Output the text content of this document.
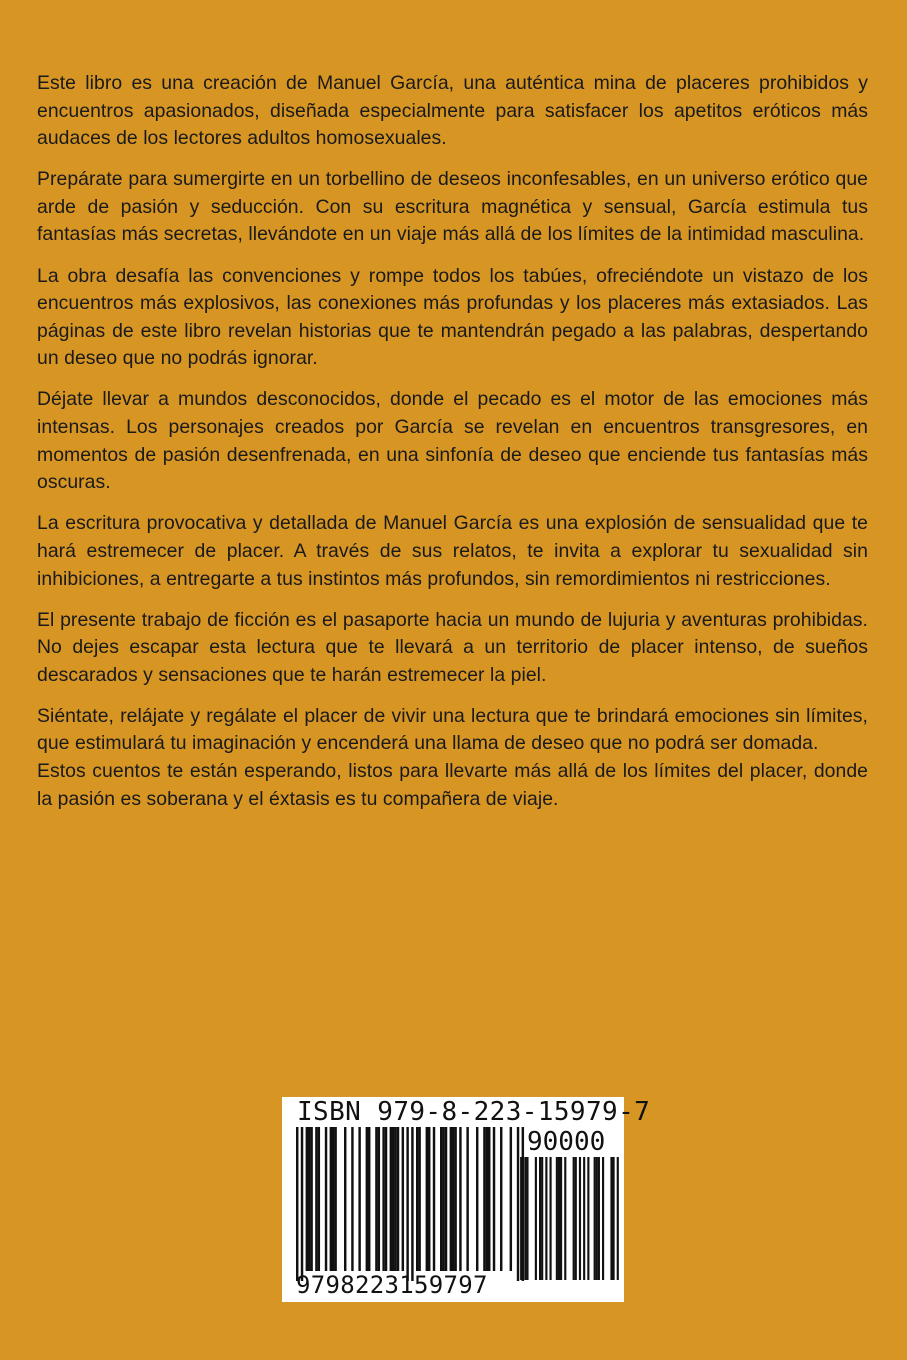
Este libro es una creación de Manuel García, una auténtica mina de placeres prohibidos y encuentros apasionados, diseñada especialmente para satisfacer los apetitos eróticos más audaces de los lectores adultos homosexuales.

Prepárate para sumergirte en un torbellino de deseos inconfesables, en un universo erótico que arde de pasión y seducción. Con su escritura magnética y sensual, García estimula tus fantasías más secretas, llevándote en un viaje más allá de los límites de la intimidad masculina.

La obra desafía las convenciones y rompe todos los tabúes, ofreciéndote un vistazo de los encuentros más explosivos, las conexiones más profundas y los placeres más extasiados. Las páginas de este libro revelan historias que te mantendrán pegado a las palabras, despertando un deseo que no podrás ignorar.

Déjate llevar a mundos desconocidos, donde el pecado es el motor de las emociones más intensas. Los personajes creados por García se revelan en encuentros transgresores, en momentos de pasión desenfrenada, en una sinfonía de deseo que enciende tus fantasías más oscuras.

La escritura provocativa y detallada de Manuel García es una explosión de sensualidad que te hará estremecer de placer. A través de sus relatos, te invita a explorar tu sexualidad sin inhibiciones, a entregarte a tus instintos más profundos, sin remordimientos ni restricciones.

El presente trabajo de ficción es el pasaporte hacia un mundo de lujuria y aventuras prohibidas. No dejes escapar esta lectura que te llevará a un territorio de placer intenso, de sueños descarados y sensaciones que te harán estremecer la piel.

Siéntate, relájate y regálate el placer de vivir una lectura que te brindará emociones sin límites, que estimulará tu imaginación y encenderá una llama de deseo que no podrá ser domada.

Estos cuentos te están esperando, listos para llevarte más allá de los límites del placer, donde la pasión es soberana y el éxtasis es tu compañera de viaje.

ISBN 979-8-223-15979-7
90000
9798223159797
